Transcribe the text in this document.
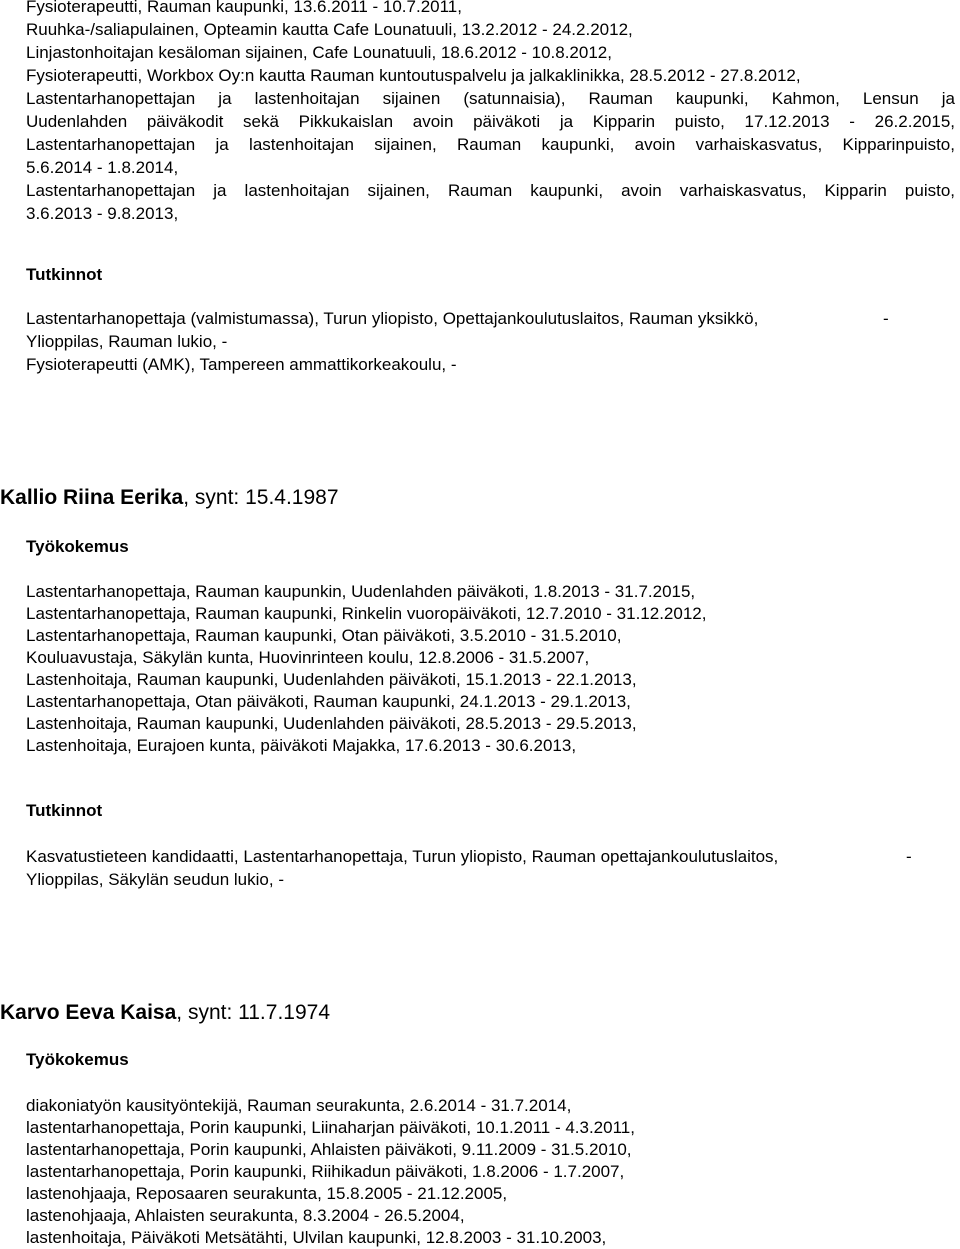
Fysioterapeutti, Rauman kaupunki, 13.6.2011 - 10.7.2011,
Ruuhka-/saliapulainen, Opteamin kautta Cafe Lounatuuli, 13.2.2012 - 24.2.2012,
Linjastonhoitajan kesäloman sijainen, Cafe Lounatuuli, 18.6.2012 - 10.8.2012,
Fysioterapeutti, Workbox Oy:n kautta Rauman kuntoutuspalvelu ja jalkaklinikka, 28.5.2012 - 27.8.2012,
Lastentarhanopettajan ja lastenhoitajan sijainen (satunnaisia), Rauman kaupunki, Kahmon, Lensun ja
Uudenlahden päiväkodit sekä Pikkukaislan avoin päiväkoti ja Kipparin puisto, 17.12.2013 - 26.2.2015,
Lastentarhanopettajan ja lastenhoitajan sijainen, Rauman kaupunki, avoin varhaiskasvatus, Kipparinpuisto,
5.6.2014 - 1.8.2014,
Lastentarhanopettajan ja lastenhoitajan sijainen, Rauman kaupunki, avoin varhaiskasvatus, Kipparin puisto,
3.6.2013 - 9.8.2013,
Tutkinnot
Lastentarhanopettaja (valmistumassa), Turun yliopisto, Opettajankoulutuslaitos, Rauman yksikkö,	-
Ylioppilas, Rauman lukio, -
Fysioterapeutti (AMK), Tampereen ammattikorkeakoulu, -
Kallio Riina Eerika, synt: 15.4.1987
Työkokemus
Lastentarhanopettaja, Rauman kaupunkin, Uudenlahden päiväkoti, 1.8.2013 - 31.7.2015,
Lastentarhanopettaja, Rauman kaupunki, Rinkelin vuoropäiväkoti, 12.7.2010 - 31.12.2012,
Lastentarhanopettaja, Rauman kaupunki, Otan päiväkoti, 3.5.2010 - 31.5.2010,
Kouluavustaja, Säkylän kunta, Huovinrinteen koulu, 12.8.2006 - 31.5.2007,
Lastenhoitaja, Rauman kaupunki, Uudenlahden päiväkoti, 15.1.2013 - 22.1.2013,
Lastentarhanopettaja, Otan päiväkoti, Rauman kaupunki, 24.1.2013 - 29.1.2013,
Lastenhoitaja, Rauman kaupunki, Uudenlahden päiväkoti, 28.5.2013 - 29.5.2013,
Lastenhoitaja, Eurajoen kunta, päiväkoti Majakka, 17.6.2013 - 30.6.2013,
Tutkinnot
Kasvatustieteen kandidaatti, Lastentarhanopettaja, Turun yliopisto, Rauman opettajankoulutuslaitos,	-
Ylioppilas, Säkylän seudun lukio, -
Karvo Eeva Kaisa, synt: 11.7.1974
Työkokemus
diakoniatyön kausityöntekijä, Rauman seurakunta, 2.6.2014 - 31.7.2014,
lastentarhanopettaja, Porin kaupunki, Liinaharjan päiväkoti, 10.1.2011 - 4.3.2011,
lastentarhanopettaja, Porin kaupunki, Ahlaisten päiväkoti, 9.11.2009 - 31.5.2010,
lastentarhanopettaja, Porin kaupunki, Riihikadun päiväkoti, 1.8.2006 - 1.7.2007,
lastenohjaaja, Reposaaren seurakunta, 15.8.2005 - 21.12.2005,
lastenohjaaja, Ahlaisten seurakunta, 8.3.2004 - 26.5.2004,
lastenhoitaja, Päiväkoti Metsätähti, Ulvilan kaupunki, 12.8.2003 - 31.10.2003,
